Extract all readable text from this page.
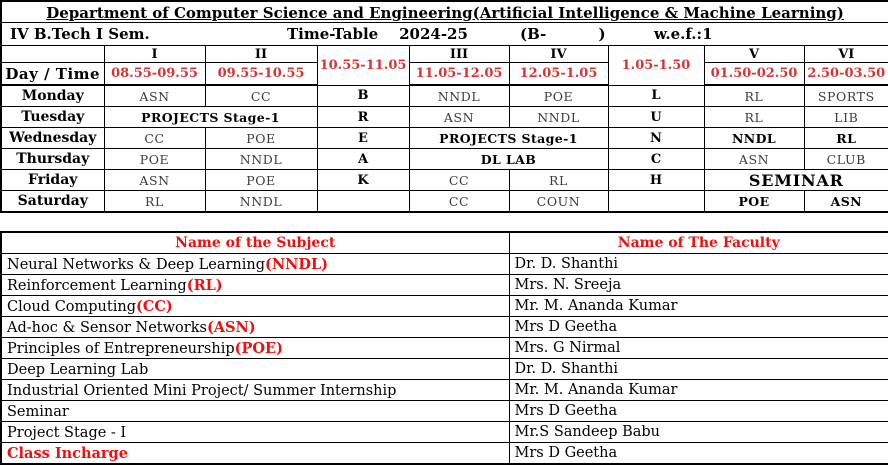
Department of Computer Science and Engineering(Artificial Intelligence & Machine Learning)								

IV B.Tech I Sem. Time-Table    2024-25 (B-          ) w.e.f.:1								

	I	II	10.55-11.05	III	IV	1.05-1.50	V	VI
Day / Time	08.55-09.55	09.55-10.55		11.05-12.05	12.05-1.05		01.50-02.50	2.50-03.50
Monday	ASN	CC	B	NNDL	POE	L	RL	SPORTS
Tuesday	PROJECTS Stage-1		R	ASN	NNDL	U	RL	LIB
Wednesday	CC	POE	E	PROJECTS Stage-1		N	NNDL	RL
Thursday	POE	NNDL	A	DL LAB		C	ASN	CLUB
Friday	ASN	POE	K	CC	RL	H	SEMINAR	
Saturday	RL	NNDL		CC	COUN		POE	ASN
Name of the Subject	Name of The Faculty
Neural Networks & Deep Learning(NNDL)	Dr. D. Shanthi
Reinforcement Learning(RL)	Mrs. N. Sreeja
Cloud Computing(CC)	Mr. M. Ananda Kumar
Ad-hoc & Sensor Networks(ASN)	Mrs D Geetha
Principles of Entrepreneurship(POE)	Mrs. G Nirmal
Deep Learning Lab	Dr. D. Shanthi
Industrial Oriented Mini Project/ Summer Internship	Mr. M. Ananda Kumar
Seminar	Mrs D Geetha
Project Stage - I	Mr.S Sandeep Babu
Class Incharge	Mrs D Geetha
